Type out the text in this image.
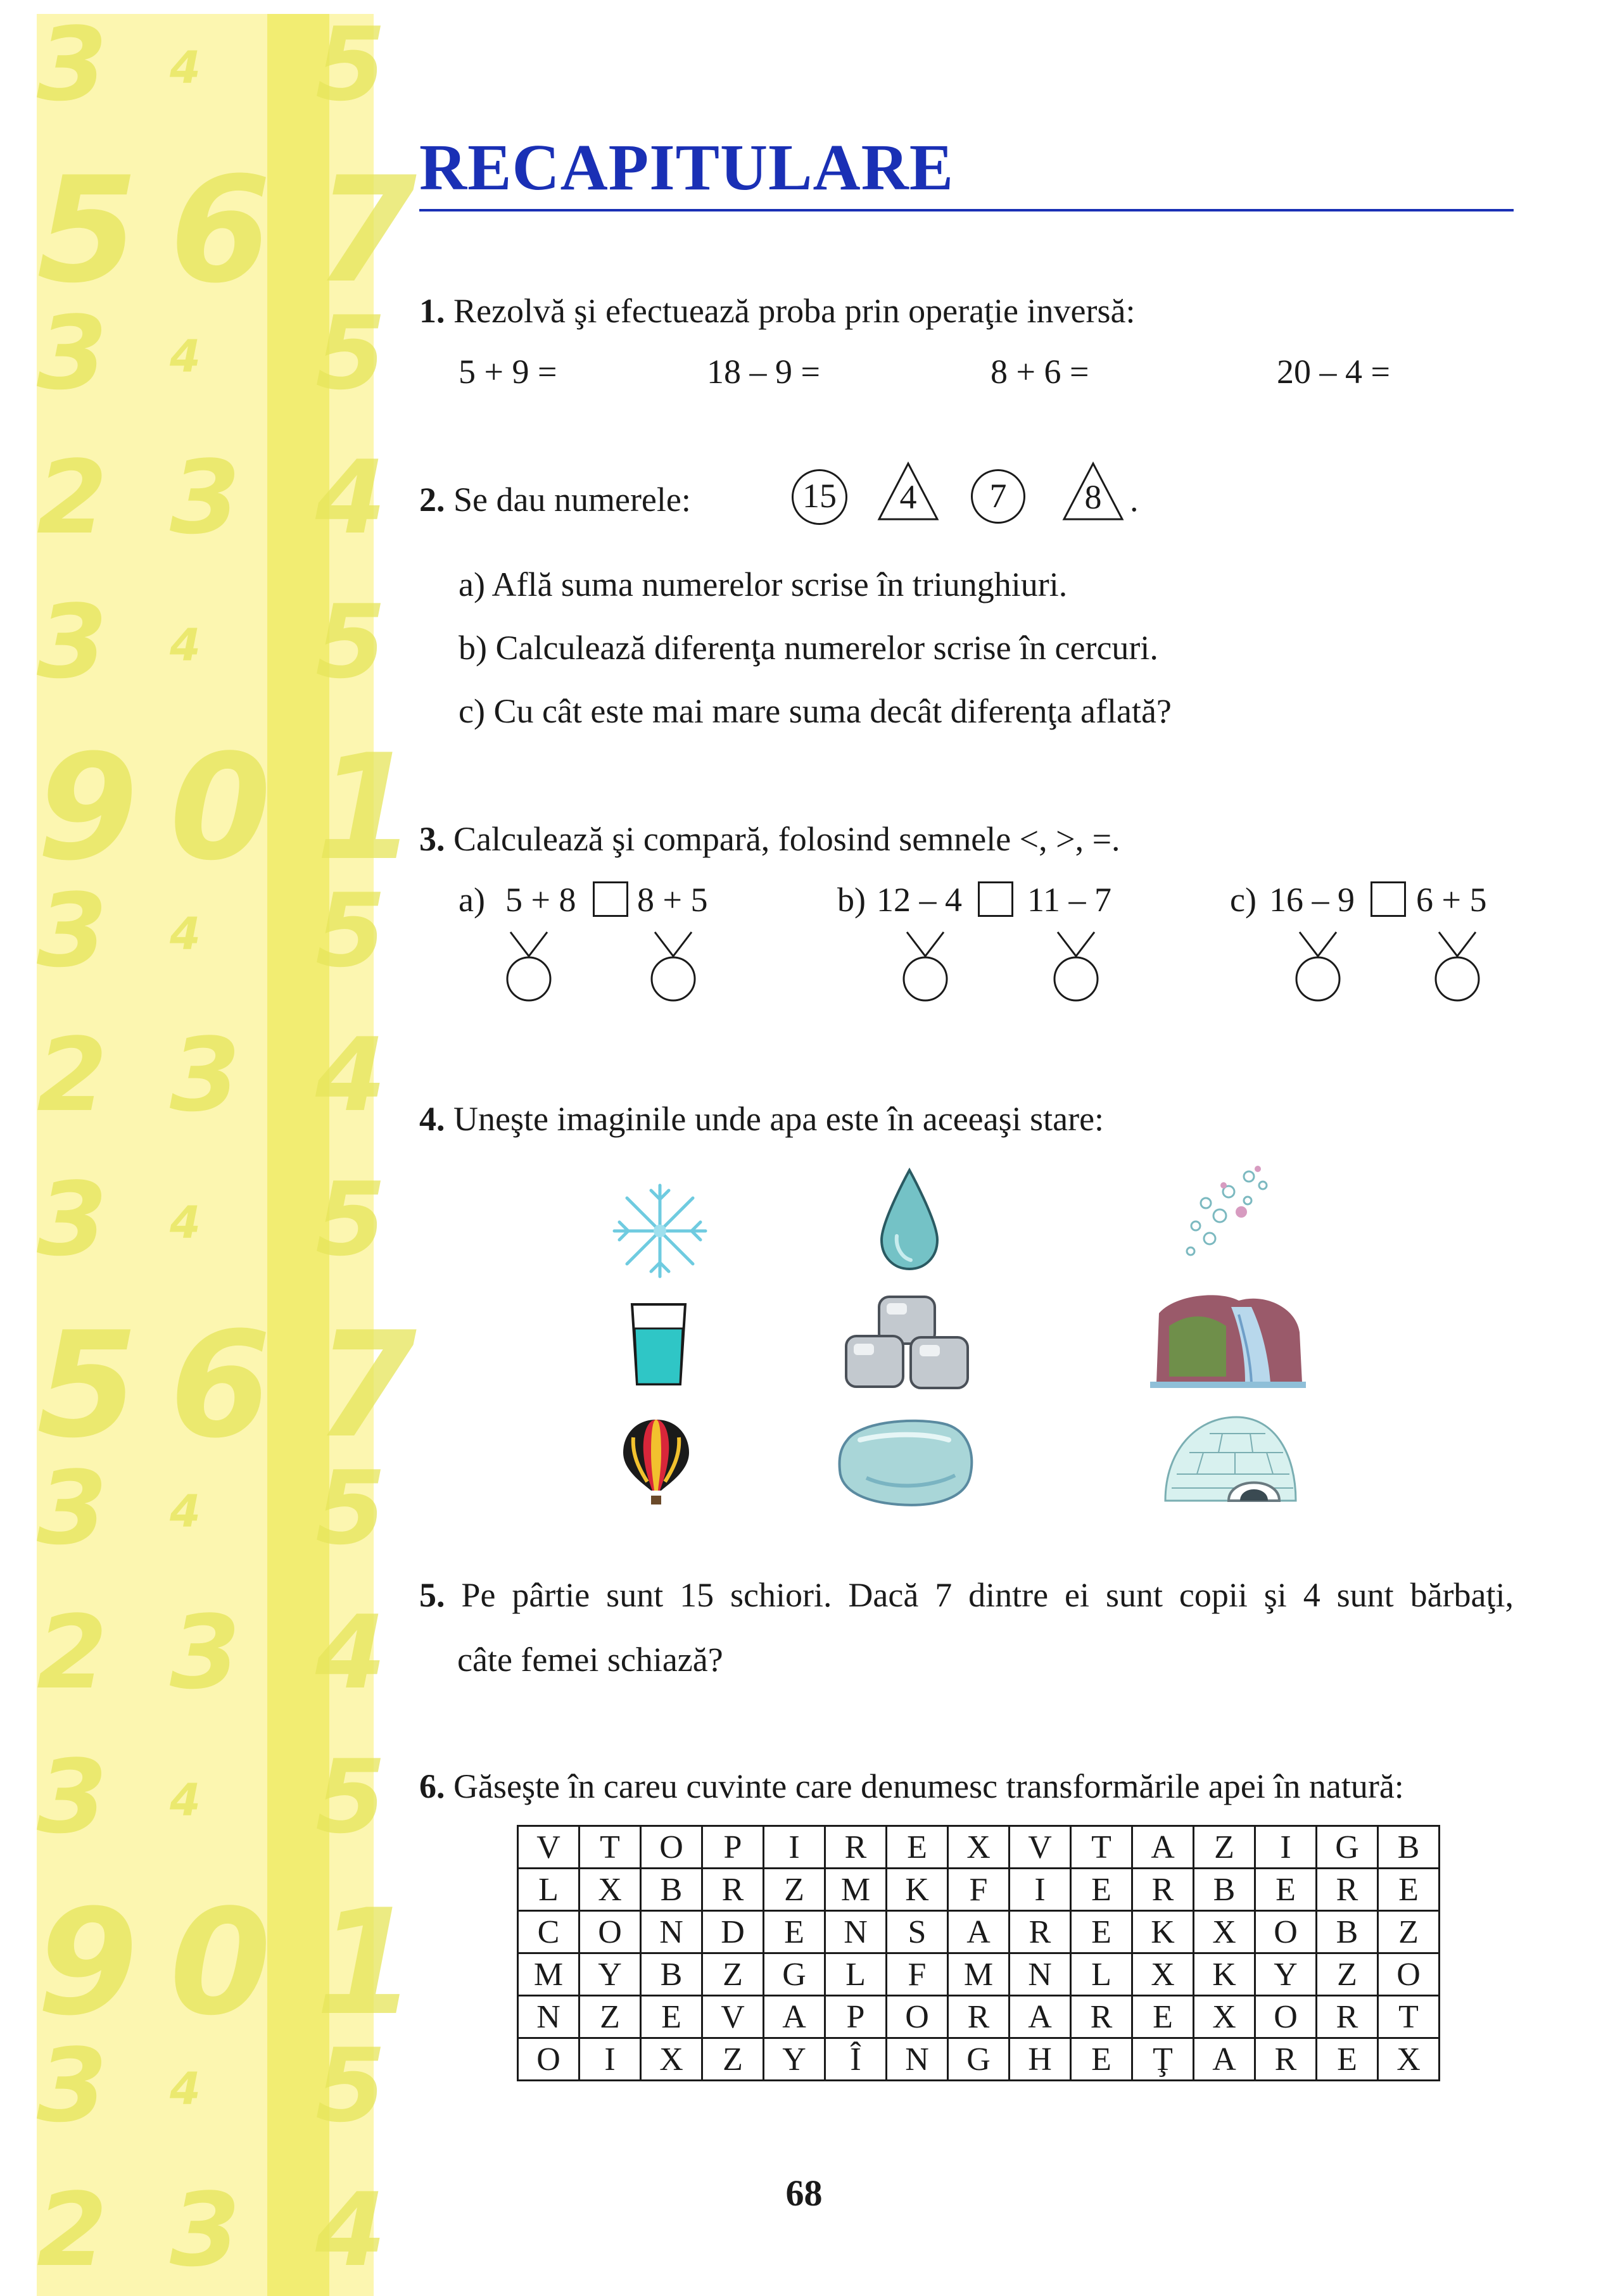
3 4 5
5 6 7
3 4 5
2 3 4
3 4 5
9 0 1
3 4 5
2 3 4
3 4 5
5 6 7
3 4 5
2 3 4
3 4 5
9 0 1
3 4 5
2 3 4
RECAPITULARE
1. Rezolvă şi efectuează proba prin operaţie inversă:
5 + 9 =	18 – 9 =	8 + 6 =	20 – 4 =
2. Se dau numerele:	15	4	7	8 .
a) Află suma numerelor scrise în triunghiuri.
b) Calculează diferenţa numerelor scrise în cercuri.
c) Cu cât este mai mare suma decât diferenţa aflată?
3. Calculează şi compară, folosind semnele <, >, =.
a) 5 + 8 8 + 5	b) 12 – 4 11 – 7	c) 16 – 9 6 + 5
4. Uneşte imaginile unde apa este în aceeaşi stare:
5. Pe pârtie sunt 15 schiori. Dacă 7 dintre ei sunt copii şi 4 sunt bărbaţi,
câte femei schiază?
6. Găseşte în careu cuvinte care denumesc transformările apei în natură:
V	T	O	P	I	R	E	X	V	T	A	Z	I	G	B
L	X	B	R	Z	M	K	F	I	E	R	B	E	R	E
C	O	N	D	E	N	S	A	R	E	K	X	O	B	Z
M	Y	B	Z	G	L	F	M	N	L	X	K	Y	Z	O
N	Z	E	V	A	P	O	R	A	R	E	X	O	R	T
O	I	X	Z	Y	Î	N	G	H	E	Ţ	A	R	E	X
68
